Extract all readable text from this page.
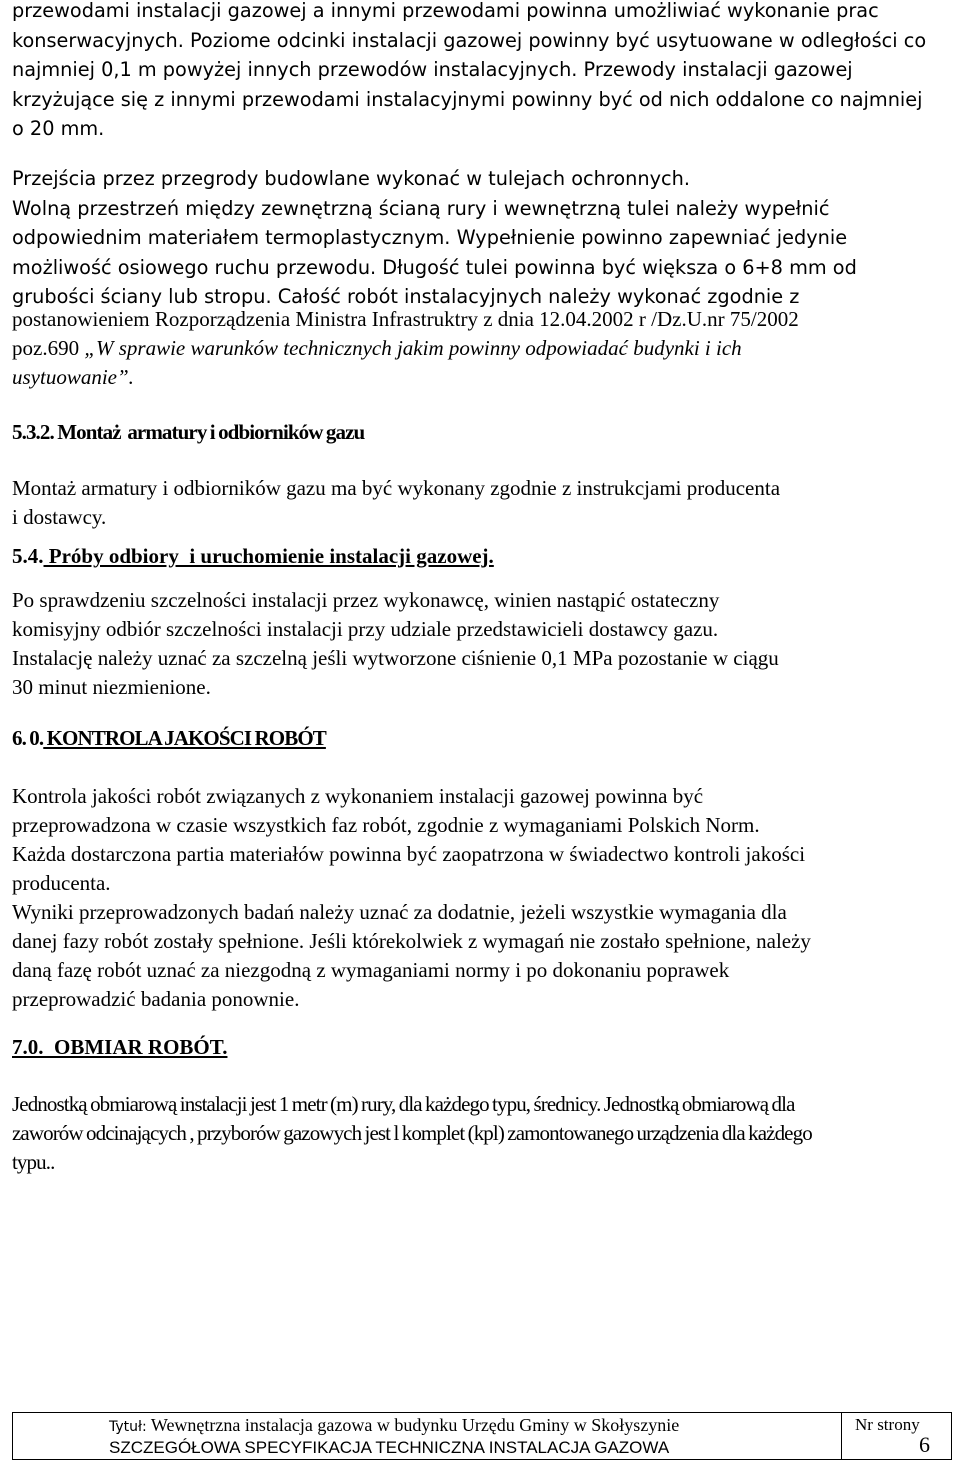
przewodami instalacji gazowej a innymi przewodami powinna umożliwiać wykonanie prac
konserwacyjnych. Poziome odcinki instalacji gazowej powinny być usytuowane w odległości co
najmniej 0,1 m powyżej innych przewodów instalacyjnych. Przewody instalacji gazowej
krzyżujące się z innymi przewodami instalacyjnymi powinny być od nich oddalone co najmniej
o 20 mm.
Przejścia przez przegrody budowlane wykonać w tulejach ochronnych.
Wolną przestrzeń między zewnętrzną ścianą rury i wewnętrzną tulei należy wypełnić
odpowiednim materiałem termoplastycznym. Wypełnienie powinno zapewniać jedynie
możliwość osiowego ruchu przewodu. Długość tulei powinna być większa o 6+8 mm od
grubości ściany lub stropu. Całość robót instalacyjnych należy wykonać zgodnie z
postanowieniem Rozporządzenia Ministra Infrastruktry z dnia 12.04.2002 r /Dz.U.nr 75/2002
poz.690 „W sprawie warunków technicznych jakim powinny odpowiadać budynki i ich
usytuowanie”.
5.3.2. Montaż  armatury i odbiorników gazu
Montaż armatury i odbiorników gazu ma być wykonany zgodnie z instrukcjami producenta
i dostawcy.
5.4. Próby odbiory  i uruchomienie instalacji gazowej.
Po sprawdzeniu szczelności instalacji przez wykonawcę, winien nastąpić ostateczny
komisyjny odbiór szczelności instalacji przy udziale przedstawicieli dostawcy gazu.
Instalację należy uznać za szczelną jeśli wytworzone ciśnienie 0,1 MPa pozostanie w ciągu
30 minut niezmienione.
6. 0. KONTROLA JAKOŚCI ROBÓT
Kontrola jakości robót związanych z wykonaniem instalacji gazowej powinna być
przeprowadzona w czasie wszystkich faz robót, zgodnie z wymaganiami Polskich Norm.
Każda dostarczona partia materiałów powinna być zaopatrzona w świadectwo kontroli jakości
producenta.
Wyniki przeprowadzonych badań należy uznać za dodatnie, jeżeli wszystkie wymagania dla
danej fazy robót zostały spełnione. Jeśli którekolwiek z wymagań nie zostało spełnione, należy
daną fazę robót uznać za niezgodną z wymaganiami normy i po dokonaniu poprawek
przeprowadzić badania ponownie.
7.0.  OBMIAR ROBÓT.
Jednostką obmiarową instalacji jest 1 metr (m) rury, dla każdego typu, średnicy. Jednostką obmiarową dla
zaworów odcinających , przyborów gazowych jest l komplet (kpl) zamontowanego urządzenia dla każdego
typu..
Tytuł: Wewnętrzna instalacja gazowa w budynku Urzędu Gminy w Skołyszynie
SZCZEGÓŁOWA SPECYFIKACJA TECHNICZNA INSTALACJA GAZOWA
Nr strony
6
